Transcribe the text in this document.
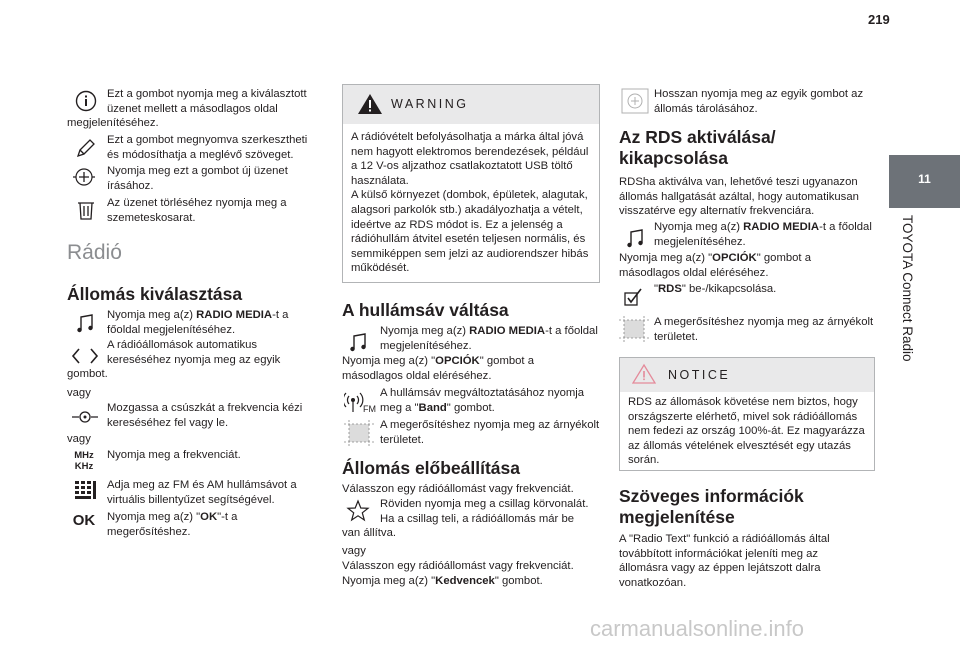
219
11
TOYOTA Connect Radio

Ezt a gombot nyomja meg a kiválasztott üzenet mellett a másodlagos oldal
megjelenítéséhez.

Ezt a gombot megnyomva szerkesztheti és módosíthatja a meglévő szöveget.

Nyomja meg ezt a gombot új üzenet írásához.

Az üzenet törléséhez nyomja meg a szemeteskosarat.

Rádió
Állomás kiválasztása

Nyomja meg a(z) RADIO MEDIA-t a főoldal megjelenítéséhez.

A rádióállomások automatikus kereséséhez nyomja meg az egyik
gombot.

vagy

Mozgassa a csúszkát a frekvencia kézi kereséséhez fel vagy le.

vagy

MHz
KHz

Nyomja meg a frekvenciát.

Adja meg az FM és AM hullámsávot a virtuális billentyűzet segítségével.

OK Nyomja meg a(z) "OK"-t a megerősítéshez.

WARNING
A rádióvételt befolyásolhatja a márka által jóvá nem hagyott elektromos berendezések, például a 12 V-os aljzathoz csatlakoztatott USB töltő használata.
A külső környezet (dombok, épületek, alagutak, alagsori parkolók stb.) akadályozhatja a vételt, ideértve az RDS módot is. Ez a jelenség a rádióhullám átvitel esetén teljesen normális, és semmiképpen sem jelzi az audiorendszer hibás működését.
A hullámsáv váltása

Nyomja meg a(z) RADIO MEDIA-t a főoldal megjelenítéséhez.

Nyomja meg a(z) "OPCIÓK" gombot a másodlagos oldal eléréséhez.

FM

A hullámsáv megváltoztatásához nyomja meg a "Band" gombot.

A megerősítéshez nyomja meg az árnyékolt területet.

Állomás előbeállítása

Válasszon egy rádióállomást vagy frekvenciát.

Röviden nyomja meg a csillag körvonalát. Ha a csillag teli, a rádióállomás már be
van állítva.

vagy

Válasszon egy rádióállomást vagy frekvenciát.

Nyomja meg a(z) "Kedvencek" gombot.

Hosszan nyomja meg az egyik gombot az állomás tárolásához.

Az RDS aktiválása/ kikapcsolása

RDSha aktiválva van, lehetővé teszi ugyanazon állomás hallgatását azáltal, hogy automatikusan visszatérve egy alternatív frekvenciára.

Nyomja meg a(z) RADIO MEDIA-t a főoldal megjelenítéséhez.

Nyomja meg a(z) "OPCIÓK" gombot a másodlagos oldal eléréséhez.

"RDS" be-/kikapcsolása.

A megerősítéshez nyomja meg az árnyékolt területet.

NOTICE
RDS az állomások követése nem biztos, hogy országszerte elérhető, mivel sok rádióállomás nem fedezi az ország 100%-át. Ez magyarázza az állomás vételének elvesztését egy utazás során.
Szöveges információk megjelenítése

A "Radio Text" funkció a rádióállomás által továbbított információkat jeleníti meg az állomásra vagy az éppen lejátszott dalra vonatkozóan.

carmanualsonline.info
